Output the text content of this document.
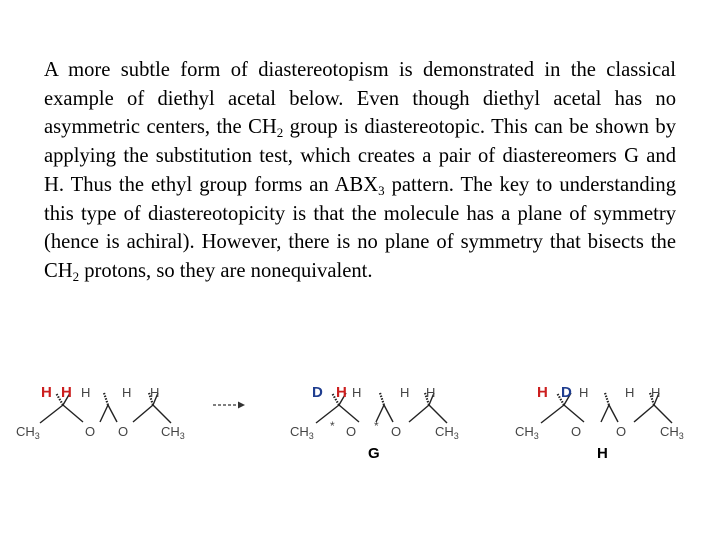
A more subtle form of diastereotopism is demonstrated in the classical example of diethyl acetal below. Even though diethyl acetal has no asymmetric centers, the $CH_2$ group is diastereotopic. This can be shown by applying the substitution test, which creates a pair of diastereomers G and H. Thus the ethyl group forms an $ABX_3$ pattern. The key to understanding this type of diastereotopicity is that the molecule has a plane of symmetry (hence is achiral). However, there is no plane of symmetry that bisects the $CH_2$ protons, so they are nonequivalent.

H H H H H
$CH_3$	O O	$CH_3$
D H H	H H
$CH_3$
* O * O	$CH_3$
G
H D H	H H
$CH_3$ O	O	$CH_3$
H
